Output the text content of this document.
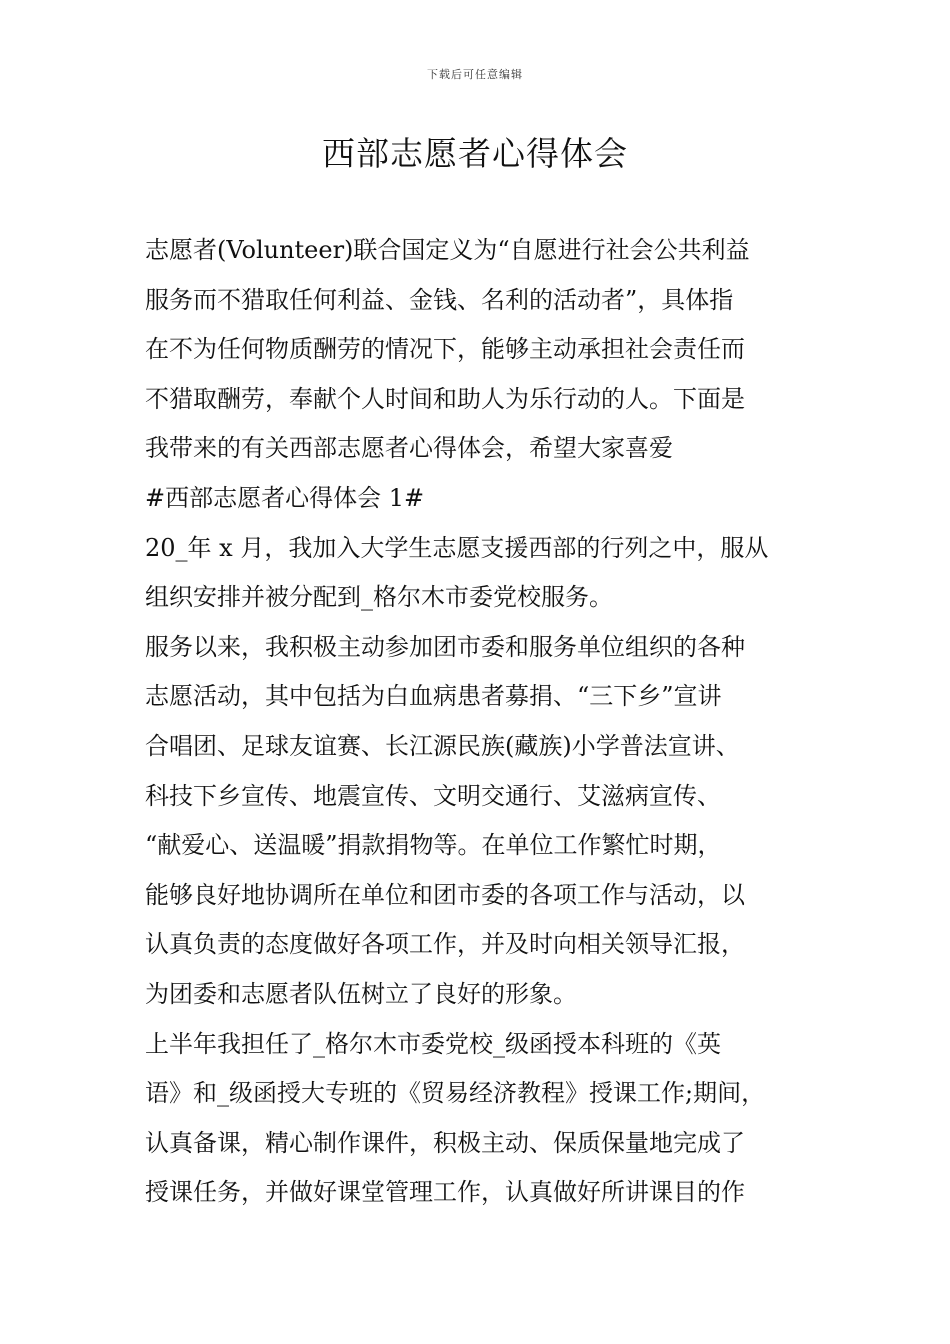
下载后可任意编辑
西部志愿者心得体会
志愿者(Volunteer)联合国定义为“自愿进行社会公共利益
服务而不猎取任何利益、金钱、名利的活动者”，具体指
在不为任何物质酬劳的情况下，能够主动承担社会责任而
不猎取酬劳，奉献个人时间和助人为乐行动的人。下面是
我带来的有关西部志愿者心得体会，希望大家喜爱
#西部志愿者心得体会 1#
20_年 x 月，我加入大学生志愿支援西部的行列之中，服从
组织安排并被分配到_格尔木市委党校服务。
服务以来，我积极主动参加团市委和服务单位组织的各种
志愿活动，其中包括为白血病患者募捐、“三下乡”宣讲
合唱团、足球友谊赛、长江源民族(藏族)小学普法宣讲、
科技下乡宣传、地震宣传、文明交通行、艾滋病宣传、
“献爱心、送温暖”捐款捐物等。在单位工作繁忙时期，
能够良好地协调所在单位和团市委的各项工作与活动，以
认真负责的态度做好各项工作，并及时向相关领导汇报，
为团委和志愿者队伍树立了良好的形象。
上半年我担任了_格尔木市委党校_级函授本科班的《英
语》和_级函授大专班的《贸易经济教程》授课工作;期间，
认真备课，精心制作课件，积极主动、保质保量地完成了
授课任务，并做好课堂管理工作，认真做好所讲课目的作
